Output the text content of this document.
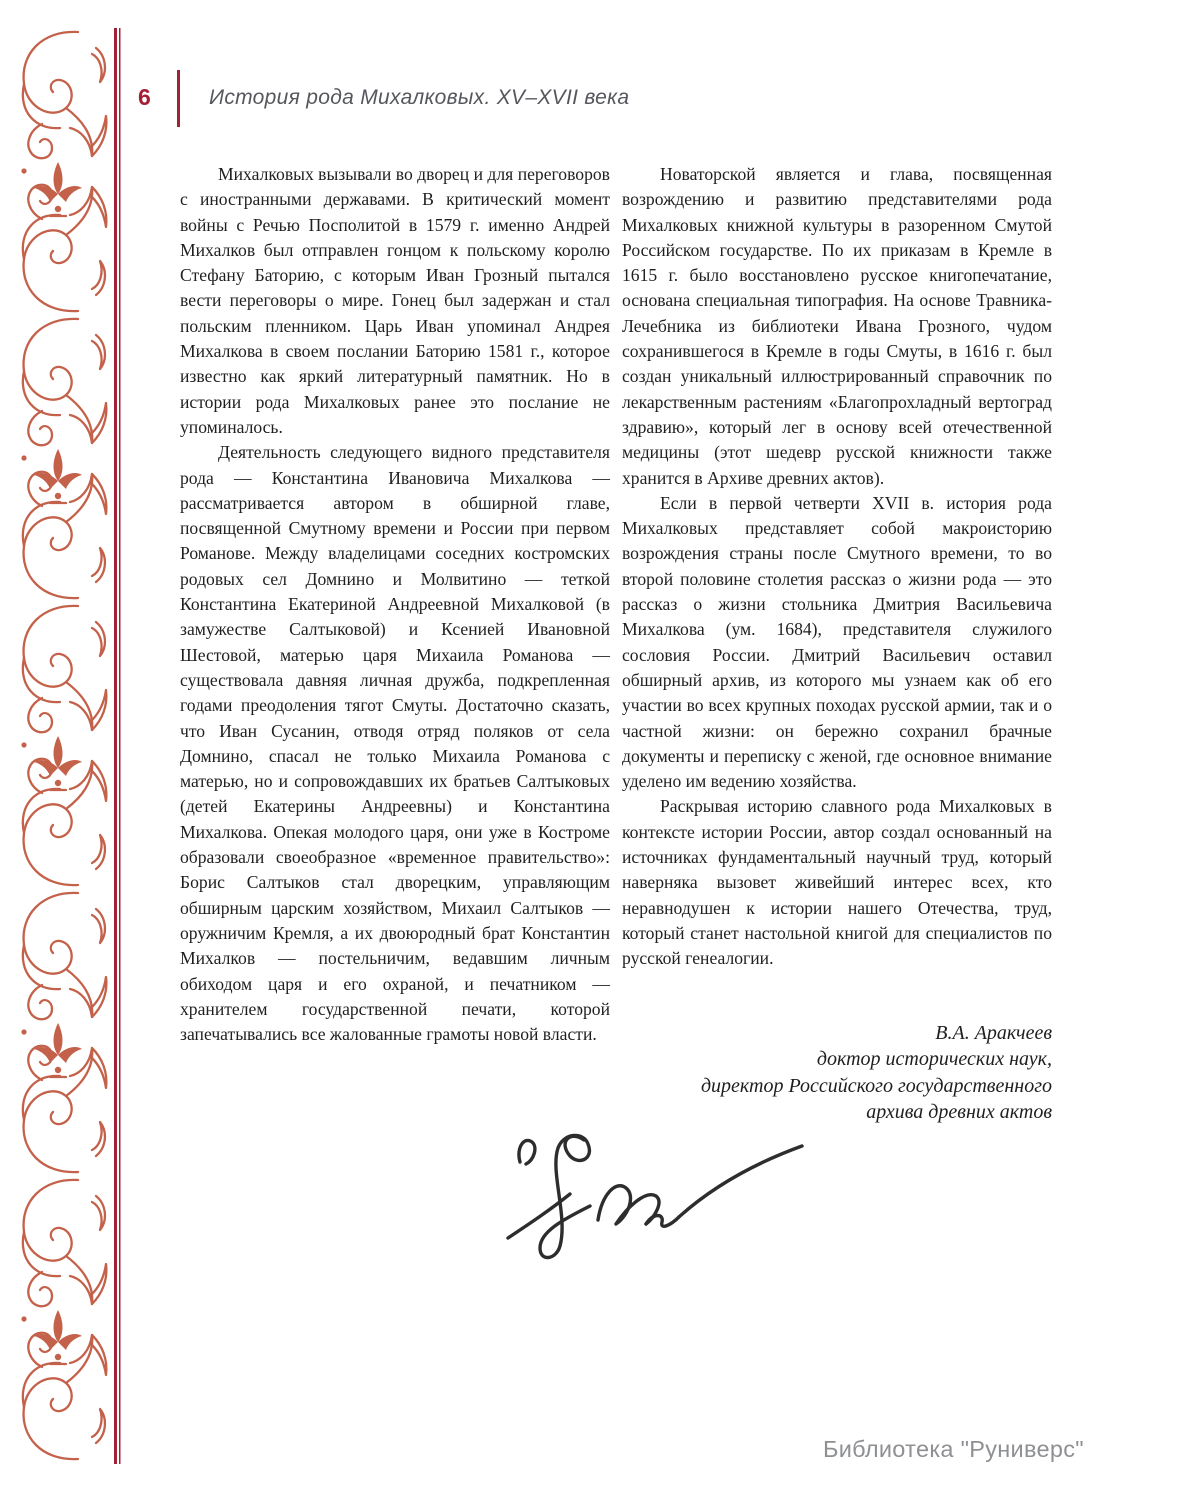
6	История рода Михалковых. XV–XVII века

Михалковых вызывали во дворец и для переговоров с иностранными державами. В критический момент войны с Речью Посполитой в 1579 г. именно Андрей Михалков был отправлен гонцом к польскому королю Стефану Баторию, с которым Иван Грозный пытался вести переговоры о мире. Гонец был задержан и стал польским пленником. Царь Иван упоминал Андрея Михалкова в своем послании Баторию 1581 г., которое известно как яркий литературный памятник. Но в истории рода Михалковых ранее это послание не упоминалось.

Деятельность следующего видного представителя рода — Константина Ивановича Михалкова — рассматривается автором в обширной главе, посвященной Смутному времени и России при первом Романове. Между владелицами соседних костромских родовых сел Домнино и Молвитино — теткой Константина Екатериной Андреевной Михалковой (в замужестве Салтыковой) и Ксенией Ивановной Шестовой, матерью царя Михаила Романова — существовала давняя личная дружба, подкрепленная годами преодоления тягот Смуты. Достаточно сказать, что Иван Сусанин, отводя отряд поляков от села Домнино, спасал не только Михаила Романова с матерью, но и сопровождавших их братьев Салтыковых (детей Екатерины Андреевны) и Константина Михалкова. Опекая молодого царя, они уже в Костроме образовали своеобразное «временное правительство»: Борис Салтыков стал дворецким, управляющим обширным царским хозяйством, Михаил Салтыков — оружничим Кремля, а их двоюродный брат Константин Михалков — постельничим, ведавшим личным обиходом царя и его охраной, и печатником — хранителем государственной печати, которой запечатывались все жалованные грамоты новой власти.

Новаторской является и глава, посвященная возрождению и развитию представителями рода Михалковых книжной культуры в разоренном Смутой Российском государстве. По их приказам в Кремле в 1615 г. было восстановлено русское книгопечатание, основана специальная типография. На основе Травника-Лечебника из библиотеки Ивана Грозного, чудом сохранившегося в Кремле в годы Смуты, в 1616 г. был создан уникальный иллюстрированный справочник по лекарственным растениям «Благопрохладный вертоград здравию», который лег в основу всей отечественной медицины (этот шедевр русской книжности также хранится в Архиве древних актов).

Если в первой четверти XVII в. история рода Михалковых представляет собой макроисторию возрождения страны после Смутного времени, то во второй половине столетия рассказ о жизни рода — это рассказ о жизни стольника Дмитрия Васильевича Михалкова (ум. 1684), представителя служилого сословия России. Дмитрий Васильевич оставил обширный архив, из которого мы узнаем как об его участии во всех крупных походах русской армии, так и о частной жизни: он бережно сохранил брачные документы и переписку с женой, где основное внимание уделено им ведению хозяйства.

Раскрывая историю славного рода Михалковых в контексте истории России, автор создал основанный на источниках фундаментальный научный труд, который наверняка вызовет живейший интерес всех, кто неравнодушен к истории нашего Отечества, труд, который станет настольной книгой для специалистов по русской генеалогии.

В.А. Аракчеев
доктор исторических наук,
директор Российского государственного
архива древних актов
Библиотека "Руниверс"
